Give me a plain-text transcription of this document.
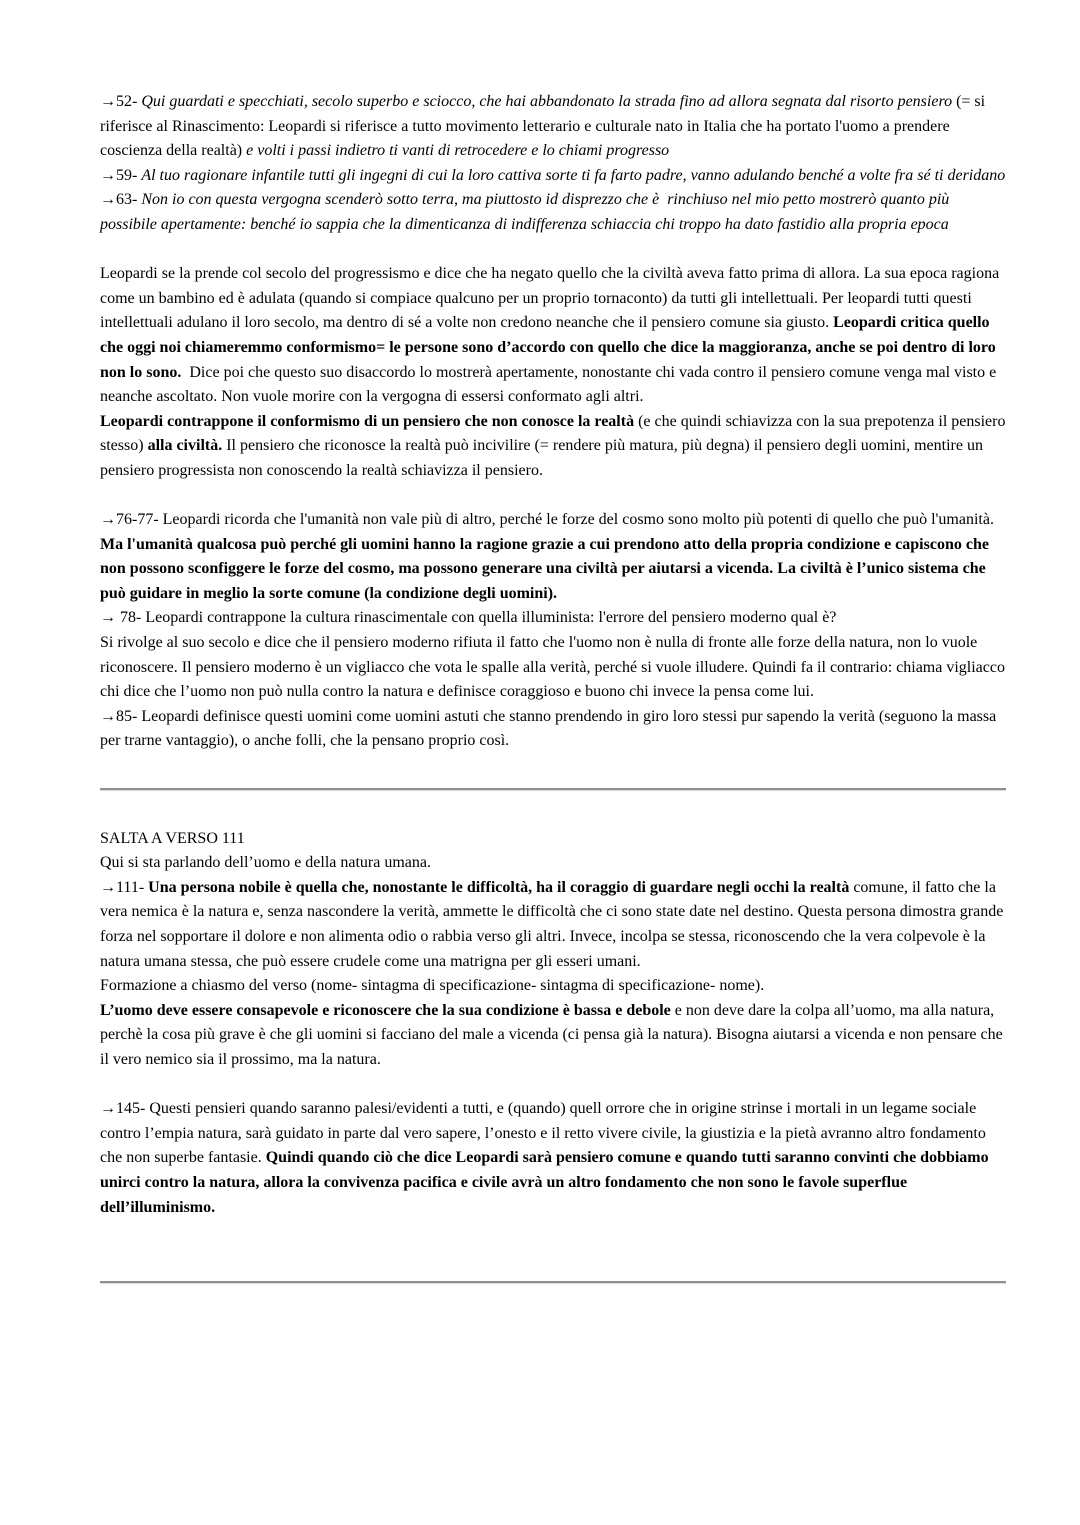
→52- Qui guardati e specchiati, secolo superbo e sciocco, che hai abbandonato la strada fino ad allora segnata dal risorto pensiero (= si riferisce al Rinascimento: Leopardi si riferisce a tutto movimento letterario e culturale nato in Italia che ha portato l'uomo a prendere coscienza della realtà) e volti i passi indietro ti vanti di retrocedere e lo chiami progresso

→59- Al tuo ragionare infantile tutti gli ingegni di cui la loro cattiva sorte ti fa farto padre, vanno adulando benché a volte fra sé ti deridano

→63- Non io con questa vergogna scenderò sotto terra, ma piuttosto id disprezzo che è  rinchiuso nel mio petto mostrerò quanto più possibile apertamente: benché io sappia che la dimenticanza di indifferenza schiaccia chi troppo ha dato fastidio alla propria epoca

Leopardi se la prende col secolo del progressismo e dice che ha negato quello che la civiltà aveva fatto prima di allora. La sua epoca ragiona come un bambino ed è adulata (quando si compiace qualcuno per un proprio tornaconto) da tutti gli intellettuali. Per leopardi tutti questi intellettuali adulano il loro secolo, ma dentro di sé a volte non credono neanche che il pensiero comune sia giusto. Leopardi critica quello che oggi noi chiameremmo conformismo= le persone sono d’accordo con quello che dice la maggioranza, anche se poi dentro di loro non lo sono.  Dice poi che questo suo disaccordo lo mostrerà apertamente, nonostante chi vada contro il pensiero comune venga mal visto e neanche ascoltato. Non vuole morire con la vergogna di essersi conformato agli altri.

Leopardi contrappone il conformismo di un pensiero che non conosce la realtà (e che quindi schiavizza con la sua prepotenza il pensiero stesso) alla civiltà. Il pensiero che riconosce la realtà può incivilire (= rendere più matura, più degna) il pensiero degli uomini, mentire un pensiero progressista non conoscendo la realtà schiavizza il pensiero.

→76-77- Leopardi ricorda che l'umanità non vale più di altro, perché le forze del cosmo sono molto più potenti di quello che può l'umanità. Ma l'umanità qualcosa può perché gli uomini hanno la ragione grazie a cui prendono atto della propria condizione e capiscono che non possono sconfiggere le forze del cosmo, ma possono generare una civiltà per aiutarsi a vicenda. La civiltà è l’unico sistema che può guidare in meglio la sorte comune (la condizione degli uomini).

→ 78- Leopardi contrappone la cultura rinascimentale con quella illuminista: l'errore del pensiero moderno qual è?

Si rivolge al suo secolo e dice che il pensiero moderno rifiuta il fatto che l'uomo non è nulla di fronte alle forze della natura, non lo vuole riconoscere. Il pensiero moderno è un vigliacco che vota le spalle alla verità, perché si vuole illudere. Quindi fa il contrario: chiama vigliacco chi dice che l’uomo non può nulla contro la natura e definisce coraggioso e buono chi invece la pensa come lui.

→85- Leopardi definisce questi uomini come uomini astuti che stanno prendendo in giro loro stessi pur sapendo la verità (seguono la massa per trarne vantaggio), o anche folli, che la pensano proprio così.

SALTA A VERSO 111

Qui si sta parlando dell’uomo e della natura umana.

→111- Una persona nobile è quella che, nonostante le difficoltà, ha il coraggio di guardare negli occhi la realtà comune, il fatto che la vera nemica è la natura e, senza nascondere la verità, ammette le difficoltà che ci sono state date nel destino. Questa persona dimostra grande forza nel sopportare il dolore e non alimenta odio o rabbia verso gli altri. Invece, incolpa se stessa, riconoscendo che la vera colpevole è la natura umana stessa, che può essere crudele come una matrigna per gli esseri umani.

Formazione a chiasmo del verso (nome- sintagma di specificazione- sintagma di specificazione- nome).

L’uomo deve essere consapevole e riconoscere che la sua condizione è bassa e debole e non deve dare la colpa all’uomo, ma alla natura, perchè la cosa più grave è che gli uomini si facciano del male a vicenda (ci pensa già la natura). Bisogna aiutarsi a vicenda e non pensare che il vero nemico sia il prossimo, ma la natura.

→145- Questi pensieri quando saranno palesi/evidenti a tutti, e (quando) quell orrore che in origine strinse i mortali in un legame sociale contro l’empia natura, sarà guidato in parte dal vero sapere, l’onesto e il retto vivere civile, la giustizia e la pietà avranno altro fondamento che non superbe fantasie. Quindi quando ciò che dice Leopardi sarà pensiero comune e quando tutti saranno convinti che dobbiamo unirci contro la natura, allora la convivenza pacifica e civile avrà un altro fondamento che non sono le favole superflue dell’illuminismo.
